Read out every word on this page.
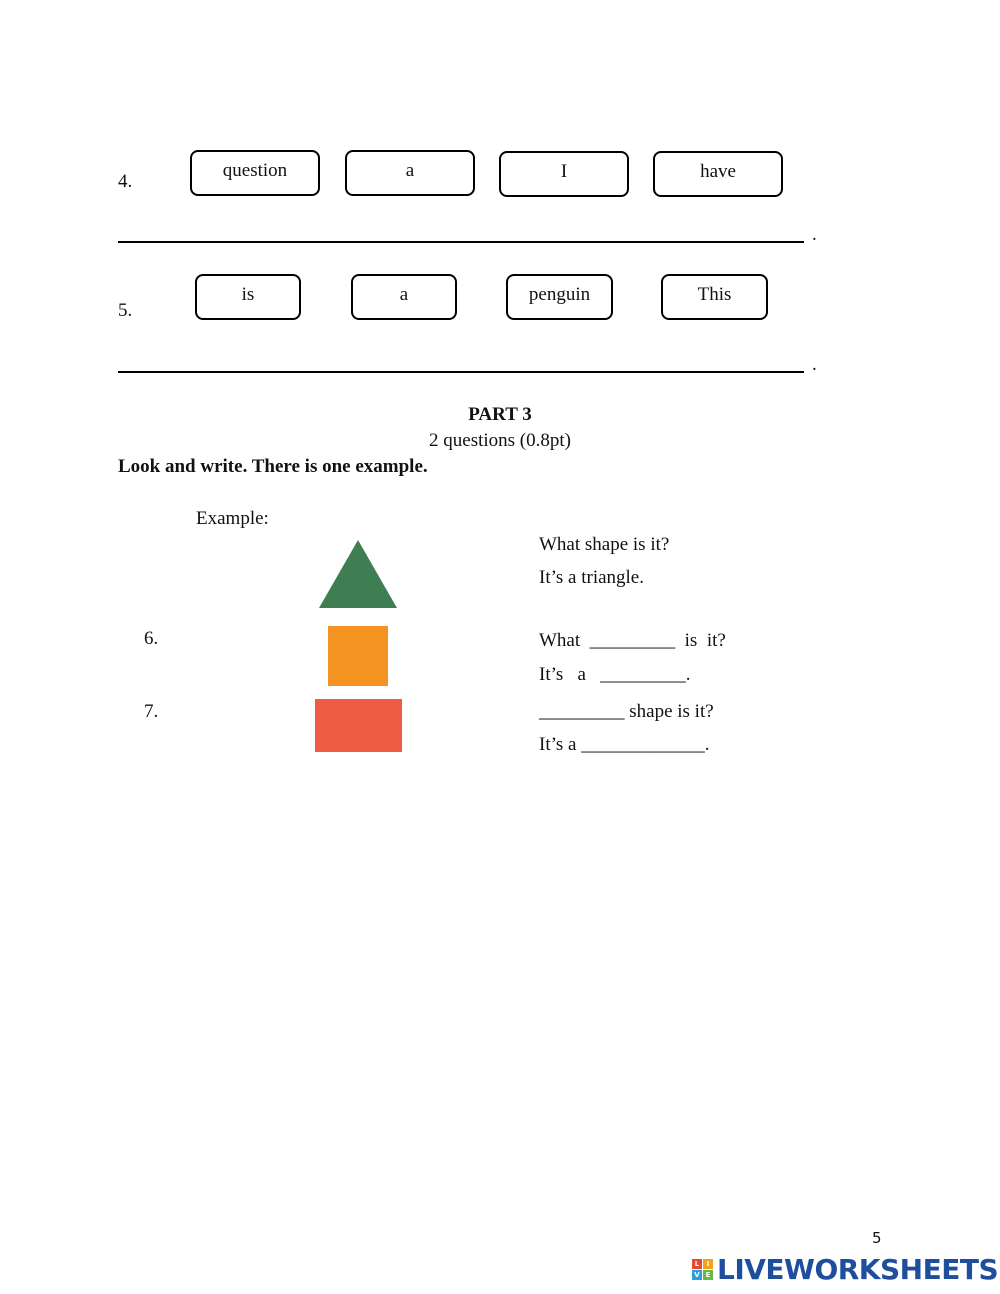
4.
question	a	I	have
.
5.
is	a	penguin	This
.
PART 3
2 questions (0.8pt)
Look and write. There is one example.
Example:
What shape is it?
It’s a triangle.
6.	What  _________  is  it?
It’s   a   _________.
7.	_________ shape is it?
It’s a _____________.
5
L	I
V E LIVEWORKSHEETS
